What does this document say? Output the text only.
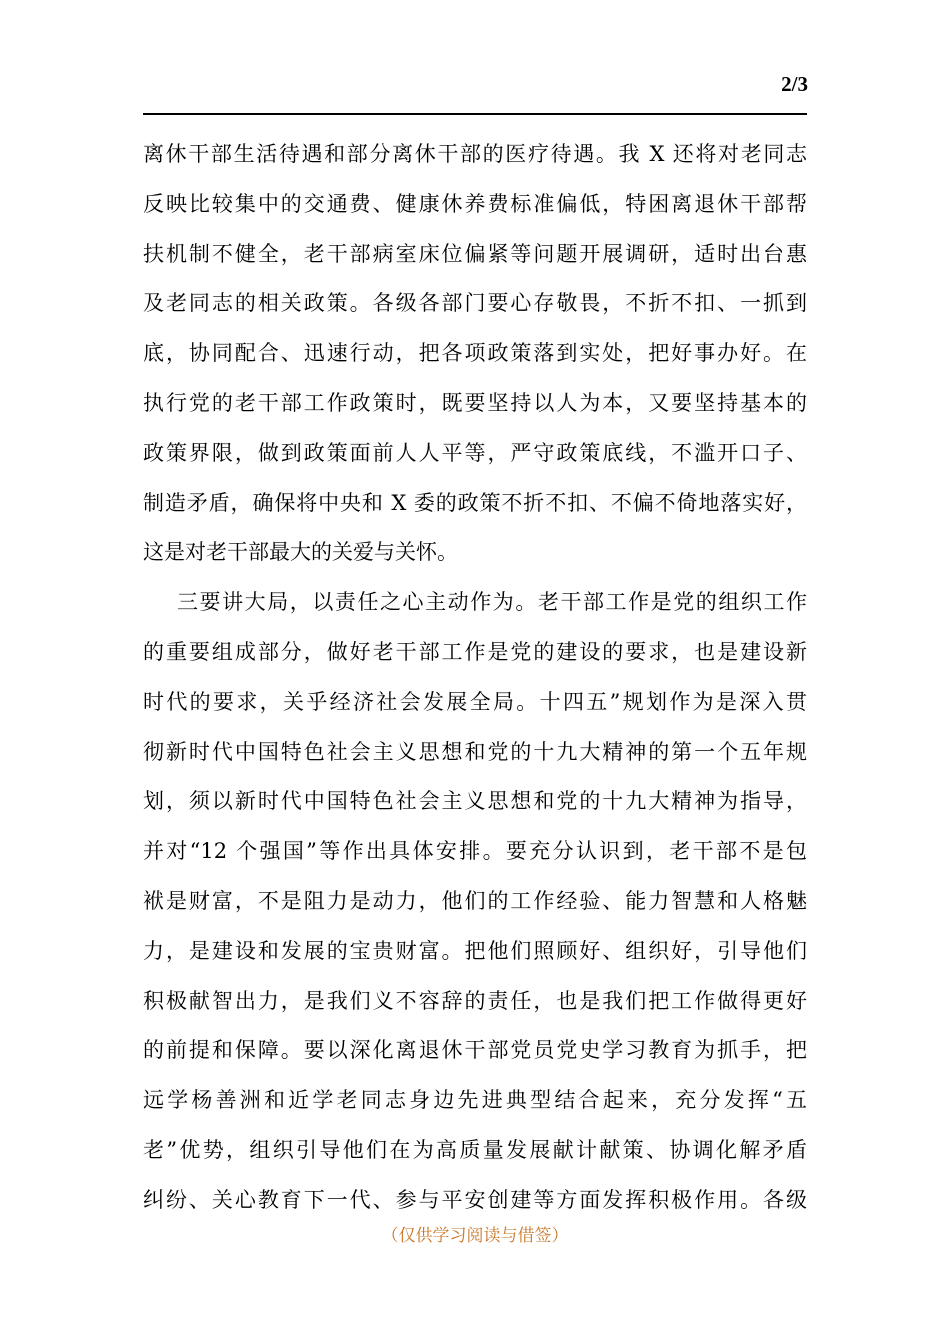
2/3
离休干部生活待遇和部分离休干部的医疗待遇。我 X 还将对老同志
反映比较集中的交通费、健康休养费标准偏低，特困离退休干部帮
扶机制不健全，老干部病室床位偏紧等问题开展调研，适时出台惠
及老同志的相关政策。各级各部门要心存敬畏，不折不扣、一抓到
底，协同配合、迅速行动，把各项政策落到实处，把好事办好。在
执行党的老干部工作政策时，既要坚持以人为本，又要坚持基本的
政策界限，做到政策面前人人平等，严守政策底线，不滥开口子、
制造矛盾，确保将中央和 X 委的政策不折不扣、不偏不倚地落实好，
这是对老干部最大的关爱与关怀。
三要讲大局，以责任之心主动作为。老干部工作是党的组织工作
的重要组成部分，做好老干部工作是党的建设的要求，也是建设新
时代的要求，关乎经济社会发展全局。十四五”规划作为是深入贯
彻新时代中国特色社会主义思想和党的十九大精神的第一个五年规
划，须以新时代中国特色社会主义思想和党的十九大精神为指导，
并对“12 个强国”等作出具体安排。要充分认识到，老干部不是包
袱是财富，不是阻力是动力，他们的工作经验、能力智慧和人格魅
力，是建设和发展的宝贵财富。把他们照顾好、组织好，引导他们
积极献智出力，是我们义不容辞的责任，也是我们把工作做得更好
的前提和保障。要以深化离退休干部党员党史学习教育为抓手，把
远学杨善洲和近学老同志身边先进典型结合起来，充分发挥“五
老”优势，组织引导他们在为高质量发展献计献策、协调化解矛盾
纠纷、关心教育下一代、参与平安创建等方面发挥积极作用。各级
（仅供学习阅读与借签）
